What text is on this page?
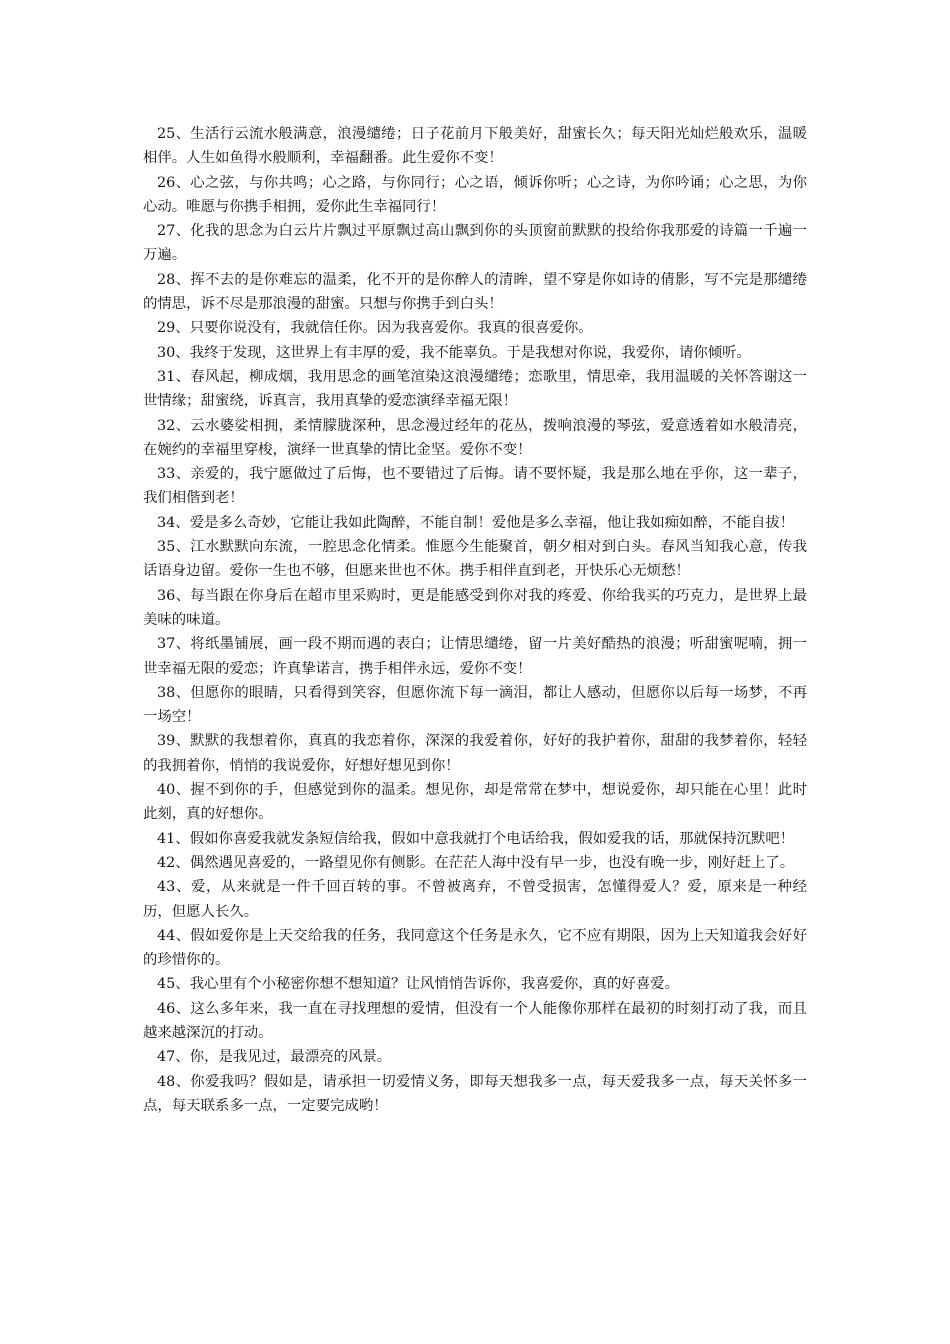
25、生活行云流水般满意，浪漫缱绻；日子花前月下般美好，甜蜜长久；每天阳光灿烂般欢乐，温暖相伴。人生如鱼得水般顺利，幸福翻番。此生爱你不变！

26、心之弦，与你共鸣；心之路，与你同行；心之语，倾诉你听；心之诗，为你吟诵；心之思，为你心动。唯愿与你携手相拥，爱你此生幸福同行！

27、化我的思念为白云片片飘过平原飘过高山飘到你的头顶窗前默默的投给你我那爱的诗篇一千遍一万遍。

28、挥不去的是你难忘的温柔，化不开的是你醉人的清眸，望不穿是你如诗的倩影，写不完是那缱绻的情思，诉不尽是那浪漫的甜蜜。只想与你携手到白头！

29、只要你说没有，我就信任你。因为我喜爱你。我真的很喜爱你。

30、我终于发现，这世界上有丰厚的爱，我不能辜负。于是我想对你说，我爱你，请你倾听。

31、春风起，柳成烟，我用思念的画笔渲染这浪漫缱绻；恋歌里，情思牵，我用温暖的关怀答谢这一世情缘；甜蜜绕，诉真言，我用真挚的爱恋演绎幸福无限！

32、云水婆娑相拥，柔情朦胧深种，思念漫过经年的花丛，拨响浪漫的琴弦，爱意透着如水般清亮，在婉约的幸福里穿梭，演绎一世真挚的情比金坚。爱你不变！

33、亲爱的，我宁愿做过了后悔，也不要错过了后悔。请不要怀疑，我是那么地在乎你，这一辈子，我们相偕到老！

34、爱是多么奇妙，它能让我如此陶醉，不能自制！爱他是多么幸福，他让我如痴如醉，不能自拔！

35、江水默默向东流，一腔思念化情柔。惟愿今生能聚首，朝夕相对到白头。春风当知我心意，传我话语身边留。爱你一生也不够，但愿来世也不休。携手相伴直到老，开快乐心无烦愁！

36、每当跟在你身后在超市里采购时，更是能感受到你对我的疼爱、你给我买的巧克力，是世界上最美味的味道。

37、将纸墨铺展，画一段不期而遇的表白；让情思缱绻，留一片美好酷热的浪漫；听甜蜜呢喃，拥一世幸福无限的爱恋；许真挚诺言，携手相伴永远，爱你不变！

38、但愿你的眼睛，只看得到笑容，但愿你流下每一滴泪，都让人感动，但愿你以后每一场梦，不再一场空！

39、默默的我想着你，真真的我恋着你，深深的我爱着你，好好的我护着你，甜甜的我梦着你，轻轻的我拥着你，悄悄的我说爱你，好想好想见到你！

40、握不到你的手，但感觉到你的温柔。想见你，却是常常在梦中，想说爱你，却只能在心里！此时此刻，真的好想你。

41、假如你喜爱我就发条短信给我，假如中意我就打个电话给我，假如爱我的话，那就保持沉默吧！

42、偶然遇见喜爱的，一路望见你有侧影。在茫茫人海中没有早一步，也没有晚一步，刚好赶上了。

43、爱，从来就是一件千回百转的事。不曾被离弃，不曾受损害，怎懂得爱人？爱，原来是一种经历，但愿人长久。

44、假如爱你是上天交给我的任务，我同意这个任务是永久，它不应有期限，因为上天知道我会好好的珍惜你的。

45、我心里有个小秘密你想不想知道？让风悄悄告诉你，我喜爱你，真的好喜爱。

46、这么多年来，我一直在寻找理想的爱情，但没有一个人能像你那样在最初的时刻打动了我，而且越来越深沉的打动。

47、你，是我见过，最漂亮的风景。

48、你爱我吗？假如是，请承担一切爱情义务，即每天想我多一点，每天爱我多一点，每天关怀多一点，每天联系多一点，一定要完成哟！
